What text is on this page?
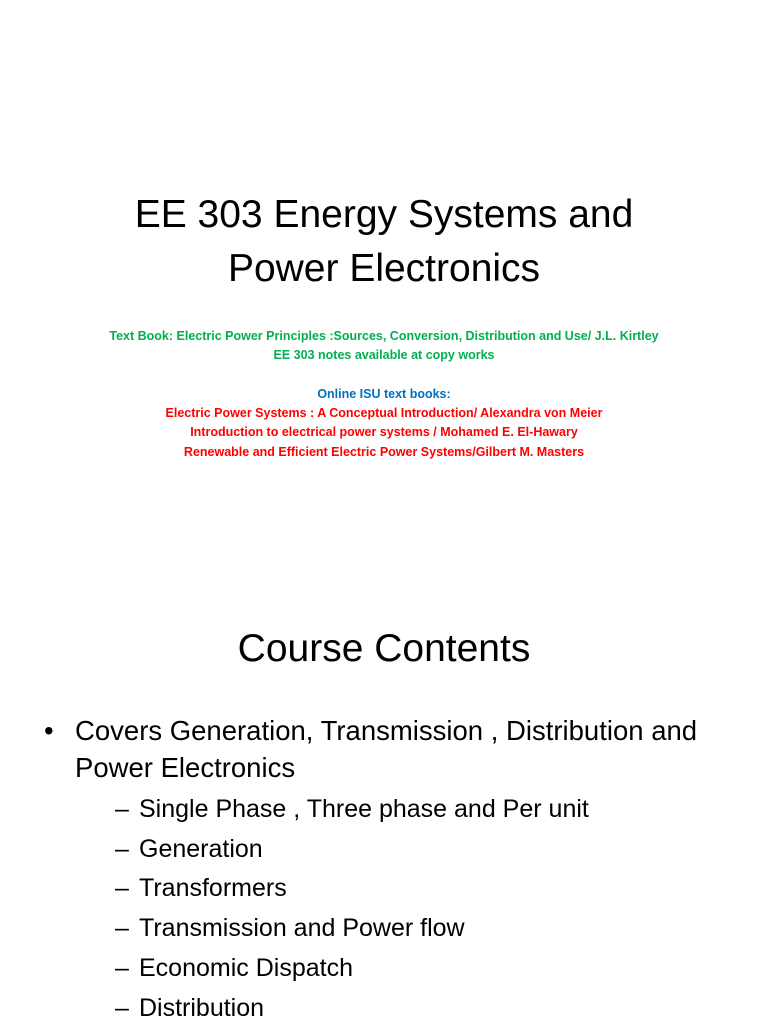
EE 303 Energy Systems and
Power Electronics
Text Book: Electric Power Principles :Sources, Conversion, Distribution and Use/ J.L. Kirtley
EE 303 notes available at copy works
Online ISU text books:
Electric Power Systems : A Conceptual Introduction/ Alexandra von Meier
Introduction to electrical power systems / Mohamed E. El-Hawary
Renewable and Efficient Electric Power Systems/Gilbert M. Masters
Course Contents
• Covers Generation, Transmission , Distribution and Power Electronics
– Single Phase , Three phase and Per unit
– Generation
– Transformers
– Transmission and Power flow
– Economic Dispatch
– Distribution
